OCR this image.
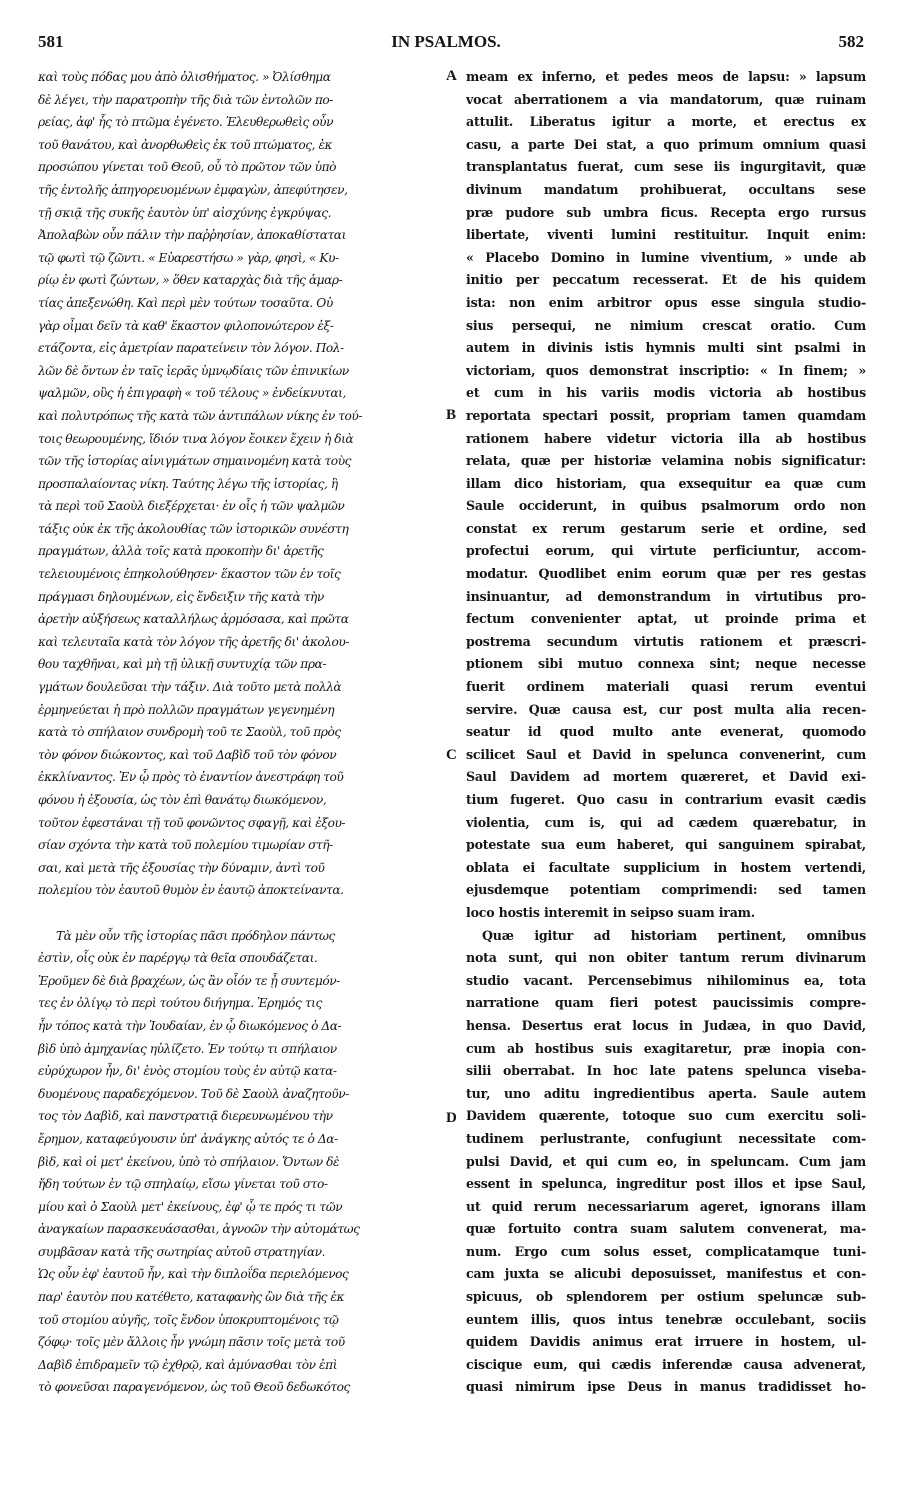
581	IN PSALMOS.	582
A
B
C
D
καὶ τοὺς πόδας μου ἀπὸ ὀλισθήματος. » Ὀλίσθημα
δὲ λέγει, τὴν παρατροπὴν τῆς διὰ τῶν ἐντολῶν πο-
ρείας, ἀφ' ἧς τὸ πτῶμα ἐγένετο. Ἐλευθερωθεὶς οὖν
τοῦ θανάτου, καὶ ἀνορθωθεὶς ἐκ τοῦ πτώματος, ἐκ
προσώπου γίνεται τοῦ Θεοῦ, οὗ τὸ πρῶτον τῶν ὑπὸ
τῆς ἐντολῆς ἀπηγορευομένων ἐμφαγὼν, ἀπεφύτησεν,
τῇ σκιᾷ τῆς συκῆς ἑαυτὸν ὑπ' αἰσχύνης ἐγκρύψας.
Ἀπολαβὼν οὖν πάλιν τὴν παῤῥησίαν, ἀποκαθίσταται
τῷ φωτὶ τῷ ζῶντι. « Εὐαρεστήσω » γὰρ, φησὶ, « Κυ-
ρίῳ ἐν φωτὶ ζώντων, » ὅθεν καταρχὰς διὰ τῆς ἁμαρ-
τίας ἀπεξενώθη. Καὶ περὶ μὲν τούτων τοσαῦτα. Οὐ
γὰρ οἶμαι δεῖν τὰ καθ' ἕκαστον φιλοπονώτερον ἐξ-
ετάζοντα, εἰς ἀμετρίαν παρατείνειν τὸν λόγον. Πολ-
λῶν δὲ ὄντων ἐν ταῖς ἱερᾶς ὑμνῳδίαις τῶν ἐπινικίων
ψαλμῶν, οὓς ἡ ἐπιγραφὴ « τοῦ τέλους » ἐνδείκνυται,
καὶ πολυτρόπως τῆς κατὰ τῶν ἀντιπάλων νίκης ἐν τού-
τοις θεωρουμένης, ἴδιόν τινα λόγον ἔοικεν ἔχειν ἡ διὰ
τῶν τῆς ἱστορίας αἰνιγμάτων σημαινομένη κατὰ τοὺς
προσπαλαίοντας νίκη. Ταύτης λέγω τῆς ἱστορίας, ἣ
τὰ περὶ τοῦ Σαοὺλ διεξέρχεται· ἐν οἷς ἡ τῶν ψαλμῶν
τάξις οὐκ ἐκ τῆς ἀκολουθίας τῶν ἱστορικῶν συνέστη
πραγμάτων, ἀλλὰ τοῖς κατὰ προκοπὴν δι' ἀρετῆς
τελειουμένοις ἐπηκολούθησεν· ἕκαστον τῶν ἐν τοῖς
πράγμασι δηλουμένων, εἰς ἔνδειξιν τῆς κατὰ τὴν
ἀρετὴν αὐξήσεως καταλλήλως ἁρμόσασα, καὶ πρῶτα
καὶ τελευταῖα κατὰ τὸν λόγον τῆς ἀρετῆς δι' ἀκολου-
θου ταχθῆναι, καὶ μὴ τῇ ὑλικῇ συντυχίᾳ τῶν πρα-
γμάτων δουλεῦσαι τὴν τάξιν. Διὰ τοῦτο μετὰ πολλὰ
ἑρμηνεύεται ἡ πρὸ πολλῶν πραγμάτων γεγενημένη
κατὰ τὸ σπήλαιον συνδρομὴ τοῦ τε Σαοὺλ, τοῦ πρὸς
τὸν φόνον διώκοντος, καὶ τοῦ Δαβὶδ τοῦ τὸν φόνον
ἐκκλίναντος. Ἐν ᾧ πρὸς τὸ ἐναντίον ἀνεστράφη τοῦ
φόνου ἡ ἐξουσία, ὡς τὸν ἐπὶ θανάτῳ διωκόμενον,
τοῦτον ἐφεστάναι τῇ τοῦ φονῶντος σφαγῇ, καὶ ἐξου-
σίαν σχόντα τὴν κατὰ τοῦ πολεμίου τιμωρίαν στῆ-
σαι, καὶ μετὰ τῆς ἐξουσίας τὴν δύναμιν, ἀντὶ τοῦ
πολεμίου τὸν ἑαυτοῦ θυμὸν ἐν ἑαυτῷ ἀποκτείναντα.
Τὰ μὲν οὖν τῆς ἱστορίας πᾶσι πρόδηλον πάντως
ἐστὶν, οἷς οὐκ ἐν παρέργῳ τὰ θεῖα σπουδάζεται.
Ἐροῦμεν δὲ διὰ βραχέων, ὡς ἂν οἷόν τε ᾖ συντεμόν-
τες ἐν ὀλίγῳ τὸ περὶ τούτου διήγημα. Ἐρημός τις
ἦν τόπος κατὰ τὴν Ἰουδαίαν, ἐν ᾧ διωκόμενος ὁ Δα-
βὶδ ὑπὸ ἀμηχανίας ηὐλίζετο. Ἐν τούτῳ τι σπήλαιον
εὐρύχωρον ἦν, δι' ἑνὸς στομίου τοὺς ἐν αὐτῷ κατα-
δυομένους παραδεχόμενον. Τοῦ δὲ Σαοὺλ ἀναζητοῦν-
τος τὸν Δαβὶδ, καὶ πανστρατιᾷ διερευνωμένου τὴν
ἔρημον, καταφεύγουσιν ὑπ' ἀνάγκης αὐτός τε ὁ Δα-
βὶδ, καὶ οἱ μετ' ἐκείνου, ὑπὸ τὸ σπήλαιον. Ὄντων δὲ
ἤδη τούτων ἐν τῷ σπηλαίῳ, εἴσω γίνεται τοῦ στο-
μίου καὶ ὁ Σαοὺλ μετ' ἐκείνους, ἐφ' ᾧ τε πρός τι τῶν
ἀναγκαίων παρασκευάσασθαι, ἀγνοῶν τὴν αὐτομάτως
συμβᾶσαν κατὰ τῆς σωτηρίας αὐτοῦ στρατηγίαν.
Ὡς οὖν ἐφ' ἑαυτοῦ ἦν, καὶ τὴν διπλοΐδα περιελόμενος
παρ' ἑαυτὸν που κατέθετο, καταφανὴς ὢν διὰ τῆς ἐκ
τοῦ στομίου αὐγῆς, τοῖς ἔνδον ὑποκρυπτομένοις τῷ
ζόφῳ· τοῖς μὲν ἄλλοις ἦν γνώμη πᾶσιν τοῖς μετὰ τοῦ
Δαβὶδ ἐπιδραμεῖν τῷ ἐχθρῷ, καὶ ἀμύνασθαι τὸν ἐπὶ
τὸ φονεῦσαι παραγενόμενον, ὡς τοῦ Θεοῦ δεδωκότος
meam ex inferno, et pedes meos de lapsu: » lapsum
vocat aberrationem a via mandatorum, quæ ruinam
attulit. Liberatus igitur a morte, et erectus ex
casu, a parte Dei stat, a quo primum omnium quasi
transplantatus fuerat, cum sese iis ingurgitavit, quæ
divinum mandatum prohibuerat, occultans sese
præ pudore sub umbra ficus. Recepta ergo rursus
libertate, viventi lumini restituitur. Inquit enim:
« Placebo Domino in lumine viventium, » unde ab
initio per peccatum recesserat. Et de his quidem
ista: non enim arbitror opus esse singula studio-
sius persequi, ne nimium crescat oratio. Cum
autem in divinis istis hymnis multi sint psalmi in
victoriam, quos demonstrat inscriptio: « In finem; »
et cum in his variis modis victoria ab hostibus
reportata spectari possit, propriam tamen quamdam
rationem habere videtur victoria illa ab hostibus
relata, quæ per historiæ velamina nobis significatur:
illam dico historiam, qua exsequitur ea quæ cum
Saule occiderunt, in quibus psalmorum ordo non
constat ex rerum gestarum serie et ordine, sed
profectui eorum, qui virtute perficiuntur, accom-
modatur. Quodlibet enim eorum quæ per res gestas
insinuantur, ad demonstrandum in virtutibus pro-
fectum convenienter aptat, ut proinde prima et
postrema secundum virtutis rationem et præscri-
ptionem sibi mutuo connexa sint; neque necesse
fuerit ordinem materiali quasi rerum eventui
servire. Quæ causa est, cur post multa alia recen-
seatur id quod multo ante evenerat, quomodo
scilicet Saul et David in spelunca convenerint, cum
Saul Davidem ad mortem quæreret, et David exi-
tium fugeret. Quo casu in contrarium evasit cædis
violentia, cum is, qui ad cædem quærebatur, in
potestate sua eum haberet, qui sanguinem spirabat,
oblata ei facultate supplicium in hostem vertendi,
ejusdemque potentiam comprimendi: sed tamen
loco hostis interemit in seipso suam iram.
Quæ igitur ad historiam pertinent, omnibus
nota sunt, qui non obiter tantum rerum divinarum
studio vacant. Percensebimus nihilominus ea, tota
narratione quam fieri potest paucissimis compre-
hensa. Desertus erat locus in Judæa, in quo David,
cum ab hostibus suis exagitaretur, præ inopia con-
silii oberrabat. In hoc late patens spelunca viseba-
tur, uno aditu ingredientibus aperta. Saule autem
Davidem quærente, totoque suo cum exercitu soli-
tudinem perlustrante, confugiunt necessitate com-
pulsi David, et qui cum eo, in speluncam. Cum jam
essent in spelunca, ingreditur post illos et ipse Saul,
ut quid rerum necessariarum ageret, ignorans illam
quæ fortuito contra suam salutem convenerat, ma-
num. Ergo cum solus esset, complicatamque tuni-
cam juxta se alicubi deposuisset, manifestus et con-
spicuus, ob splendorem per ostium speluncæ sub-
euntem illis, quos intus tenebræ occulebant, sociis
quidem Davidis animus erat irruere in hostem, ul-
ciscique eum, qui cædis inferendæ causa advenerat,
quasi nimirum ipse Deus in manus tradidisset ho-
